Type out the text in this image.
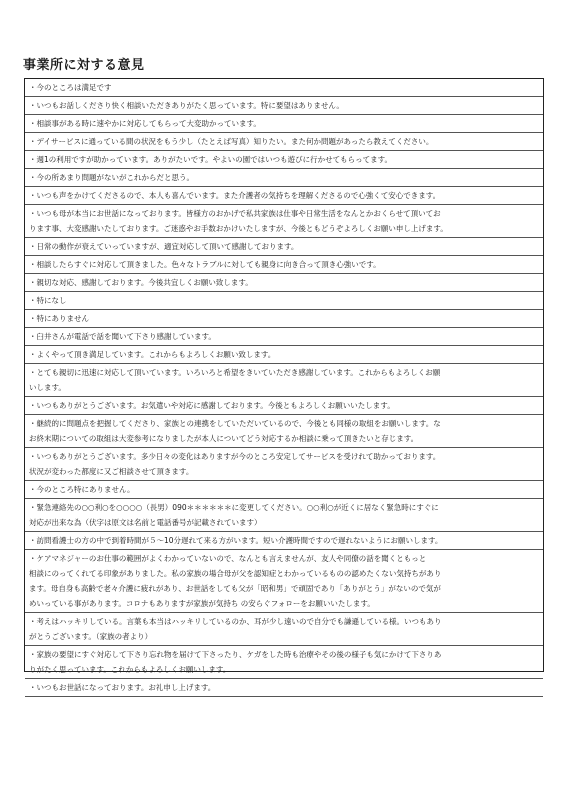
事業所に対する意見
・今のところは満足です
・いつもお話しくださり快く相談いただきありがたく思っています。特に要望はありません。
・相談事がある時に速やかに対応してもらって大変助かっています。
・デイサービスに通っている間の状況をもう少し（たとえば写真）知りたい。また何か問題があったら教えてください。
・週1の利用ですが助かっています。ありがたいです。やよいの園ではいつも遊びに行かせてもらってます。
・今の所あまり問題がないがこれからだと思う。
・いつも声をかけてくださるので、本人も喜んでいます。また介護者の気持ちを理解くださるので心強くて安心できます。
・いつも母が本当にお世話になっております。皆様方のおかげで私共家族は仕事や日常生活をなんとかおくらせて頂いてお
ります事、大変感謝いたしております。ご迷惑やお手数おかけいたしますが、今後ともどうぞよろしくお願い申し上げます。
・日常の動作が衰えていっていますが、適宜対応して頂いて感謝しております。
・相談したらすぐに対応して頂きました。色々なトラブルに対しても親身に向き合って頂き心強いです。
・親切な対応、感謝しております。今後共宜しくお願い致します。
・特になし
・特にありません
・臼井さんが電話で話を聞いて下さり感謝しています。
・よくやって頂き満足しています。これからもよろしくお願い致します。
・とても親切に迅速に対応して頂いています。いろいろと希望をきいていただき感謝しています。これからもよろしくお願
いします。
・いつもありがとうございます。お気遣いや対応に感謝しております。今後ともよろしくお願いいたします。
・継続的に問題点を把握してくださり、家族との連携をしていただいているので、今後とも同様の取組をお願いします。な
お終末期についての取組は大変参考になりましたが本人についてどう対応するか相談に乗って頂きたいと存じます。
・いつもありがとうございます。多少日々の変化はありますが今のところ安定してサービスを受けれて助かっております。
状況が変わった都度に又ご相談させて頂きます。
・今のところ特にありません。
・緊急連絡先の○○利○を○○○○（長男）090＊＊＊＊＊＊に変更してください。○○利○が近くに居なく緊急時にすぐに
対応が出来な為（伏字は原文は名前と電話番号が記載されています）
・訪問看護士の方の中で到着時間が５～10分遅れて来る方がいます。短い介護時間ですので遅れないようにお願いします。
・ケアマネジャーのお仕事の範囲がよくわかっていないので、なんとも言えませんが、友人や同僚の話を聞くともっと
相談にのってくれてる印象がありました。私の家族の場合母が父を認知症とわかっているものの認めたくない気持ちがあり
ます。母自身も高齢で老々介護に疲れがあり、お世話をしても父が「昭和男」で頑固であり「ありがとう」がないので気が
めいっている事があります。コロナもありますが家族が気持ち の安らぐフォローをお願いいたします。
・考えはハッキリしている。言葉も本当はハッキリしているのか、耳が少し遠いので自分でも謙遜している様。いつもあり
がとうございます。（家族の者より）
・家族の要望にすぐ対応して下さり忘れ物を届けて下さったり、ケガをした時も治療やその後の様子も気にかけて下さりあ
りがたく思っています。これからもよろしくお願いします。
・いつもお世話になっております。お礼申し上げます。
